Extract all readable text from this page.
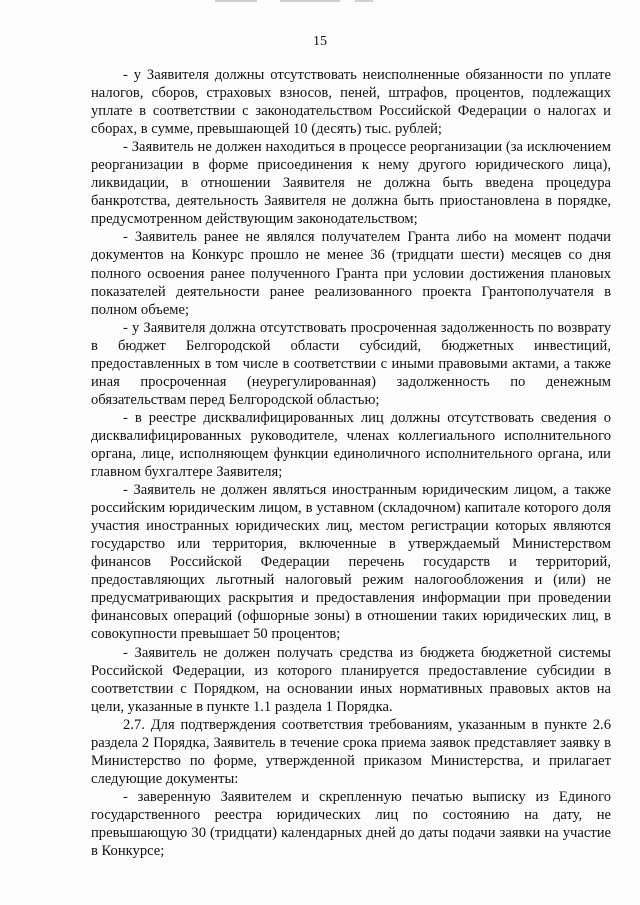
15

- у Заявителя должны отсутствовать неисполненные обязанности по уплате налогов, сборов, страховых взносов, пеней, штрафов, процентов, подлежащих уплате в соответствии с законодательством Российской Федерации о налогах и сборах, в сумме, превышающей 10 (десять) тыс. рублей;

- Заявитель не должен находиться в процессе реорганизации (за исключением реорганизации в форме присоединения к нему другого юридического лица), ликвидации, в отношении Заявителя не должна быть введена процедура банкротства, деятельность Заявителя не должна быть приостановлена в порядке, предусмотренном действующим законодательством;

- Заявитель ранее не являлся получателем Гранта либо на момент подачи документов на Конкурс прошло не менее 36 (тридцати шести) месяцев со дня полного освоения ранее полученного Гранта при условии достижения плановых показателей деятельности ранее реализованного проекта Грантополучателя в полном объеме;

- у Заявителя должна отсутствовать просроченная задолженность по возврату в бюджет Белгородской области субсидий, бюджетных инвестиций, предоставленных в том числе в соответствии с иными правовыми актами, а также иная просроченная (неурегулированная) задолженность по денежным обязательствам перед Белгородской областью;

- в реестре дисквалифицированных лиц должны отсутствовать сведения о дисквалифицированных руководителе, членах коллегиального исполнительного органа, лице, исполняющем функции единоличного исполнительного органа, или главном бухгалтере Заявителя;

- Заявитель не должен являться иностранным юридическим лицом, а также российским юридическим лицом, в уставном (складочном) капитале которого доля участия иностранных юридических лиц, местом регистрации которых являются государство или территория, включенные в утверждаемый Министерством финансов Российской Федерации перечень государств и территорий, предоставляющих льготный налоговый режим налогообложения и (или) не предусматривающих раскрытия и предоставления информации при проведении финансовых операций (офшорные зоны) в отношении таких юридических лиц, в совокупности превышает 50 процентов;

- Заявитель не должен получать средства из бюджета бюджетной системы Российской Федерации, из которого планируется предоставление субсидии в соответствии с Порядком, на основании иных нормативных правовых актов на цели, указанные в пункте 1.1 раздела 1 Порядка.

2.7. Для подтверждения соответствия требованиям, указанным в пункте 2.6 раздела 2 Порядка, Заявитель в течение срока приема заявок представляет заявку в Министерство по форме, утвержденной приказом Министерства, и прилагает следующие документы:

- заверенную Заявителем и скрепленную печатью выписку из Единого государственного реестра юридических лиц по состоянию на дату, не превышающую 30 (тридцати) календарных дней до даты подачи заявки на участие в Конкурсе;
